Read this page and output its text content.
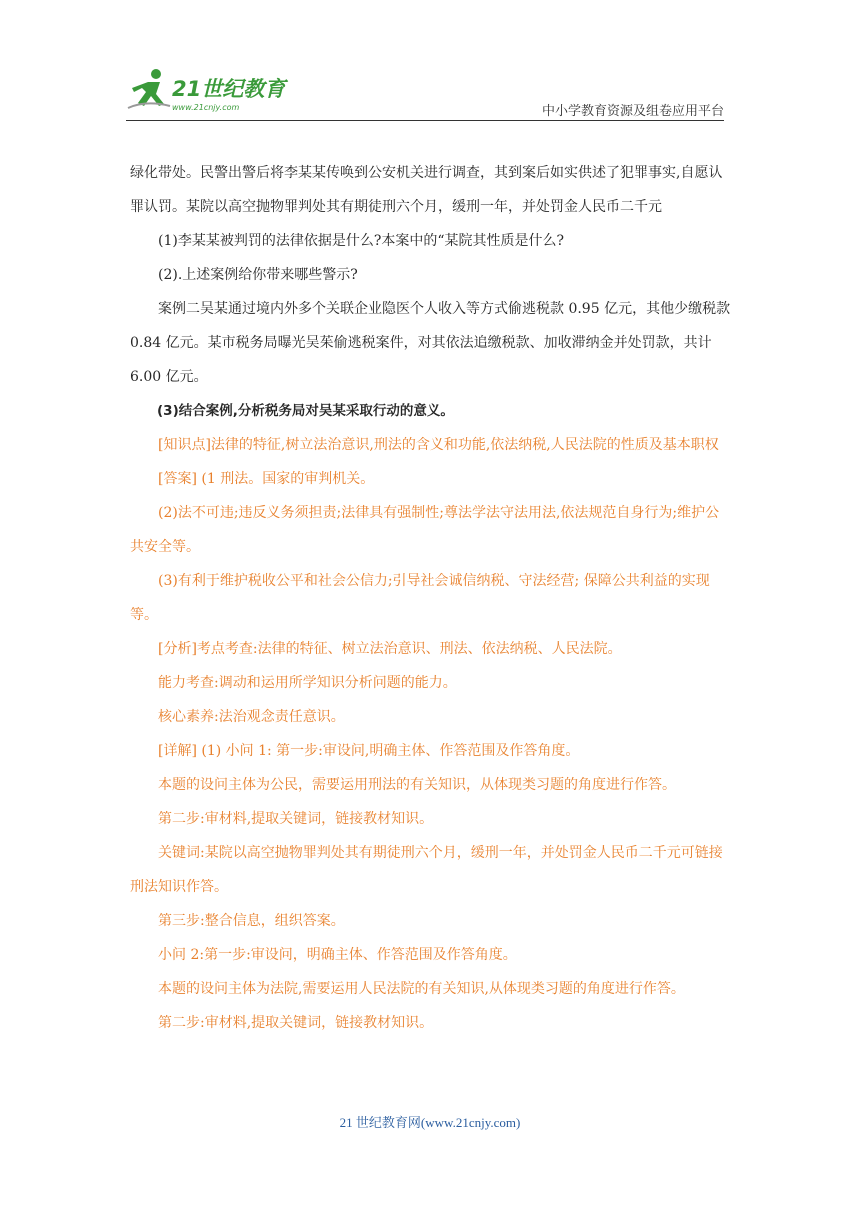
21世纪教育
www.21cnjy.com	中小学教育资源及组卷应用平台

绿化带处。民警出警后将李某某传唤到公安机关进行调查，其到案后如实供述了犯罪事实,自愿认罪认罚。某院以高空抛物罪判处其有期徒刑六个月，缓刑一年，并处罚金人民币二千元

(1)李某某被判罚的法律依据是什么?本案中的“某院其性质是什么?

(2).上述案例给你带来哪些警示?

案例二吴某通过境内外多个关联企业隐医个人收入等方式偷逃税款 0.95 亿元，其他少缴税款 0.84 亿元。某市税务局曝光吴茱偷逃税案件，对其依法追缴税款、加收滞纳金并处罚款，共计 6.00 亿元。

(3)结合案例,分析税务局对吴某采取行动的意义。

[知识点]法律的特征,树立法治意识,刑法的含义和功能,依法纳税,人民法院的性质及基本职权

[答案] (1 刑法。国家的审判机关。

(2)法不可违;违反义务须担责;法律具有强制性;尊法学法守法用法,依法规范自身行为;维护公共安全等。

(3)有利于维护税收公平和社会公信力;引导社会诚信纳税、守法经营; 保障公共利益的实现等。

[分析]考点考查:法律的特征、树立法治意识、刑法、依法纳税、人民法院。

能力考查:调动和运用所学知识分析问题的能力。

核心素养:法治观念责任意识。

[详解] (1) 小问 1: 第一步:审设问,明确主体、作答范围及作答角度。

本题的设问主体为公民，需要运用刑法的有关知识，从体现类习题的角度进行作答。

第二步:审材料,提取关键词，链接教材知识。

关键词:某院以高空抛物罪判处其有期徒刑六个月，缓刑一年，并处罚金人民币二千元可链接刑法知识作答。

第三步:整合信息，组织答案。

小问 2:第一步:审设问，明确主体、作答范围及作答角度。

本题的设问主体为法院,需要运用人民法院的有关知识,从体现类习题的角度进行作答。

第二步:审材料,提取关键词，链接教材知识。

21 世纪教育网(www.21cnjy.com)
